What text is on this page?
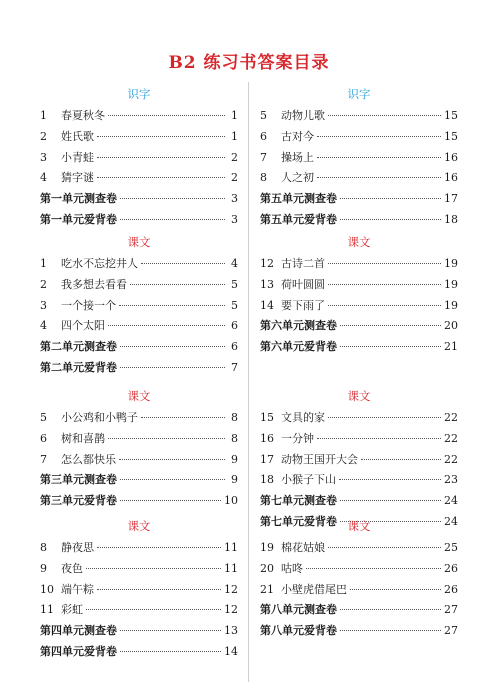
B2 练习书答案目录
识字
1	春夏秋冬	1
2	姓氏歌	1
3	小青蛙	2
4	猜字谜	2
第一单元测查卷	3
第一单元爱背卷	3
课文
1	吃水不忘挖井人	4
2	我多想去看看	5
3	一个接一个	5
4	四个太阳	6
第二单元测查卷	6
第二单元爱背卷	7
课文
5	小公鸡和小鸭子	8
6	树和喜鹊	8
7	怎么都快乐	9
第三单元测查卷	9
第三单元爱背卷	10
课文
8	静夜思	11
9	夜色	11
10 端午粽	12
11 彩虹	12
第四单元测查卷	13
第四单元爱背卷	14
识字
5	动物儿歌	15
6	古对今	15
7	操场上	16
8	人之初	16
第五单元测查卷	17
第五单元爱背卷	18
课文
12 古诗二首	19
13 荷叶圆圆	19
14 要下雨了	19
第六单元测查卷	20
第六单元爱背卷	21
课文
15 文具的家	22
16 一分钟	22
17 动物王国开大会	22
18 小猴子下山	23
第七单元测查卷	24
第七单元爱背卷	24
课文
19 棉花姑娘	25
20 咕咚	26
21 小壁虎借尾巴	26
第八单元测查卷	27
第八单元爱背卷	27
